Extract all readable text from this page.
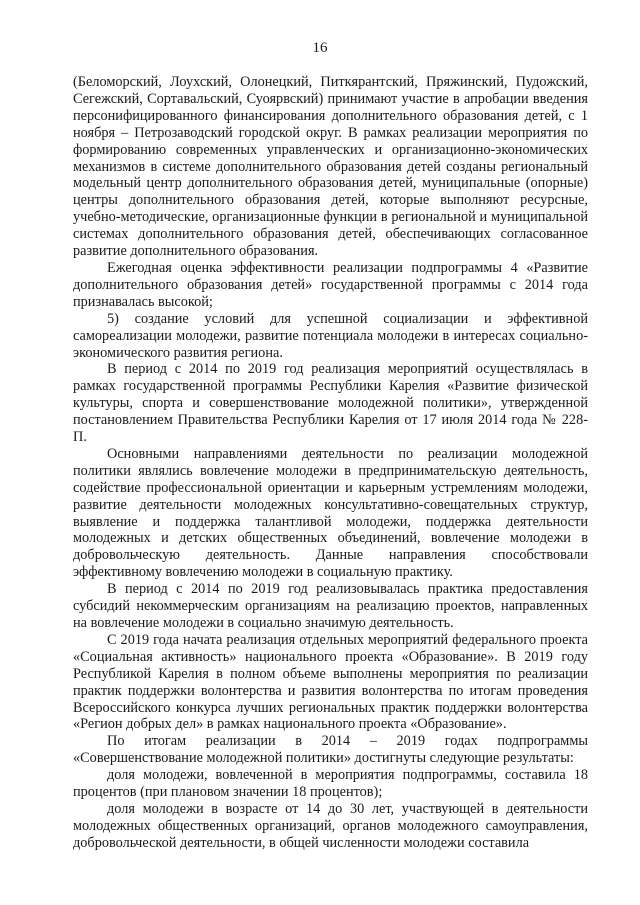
16

(Беломорский, Лоухский, Олонецкий, Питкярантский, Пряжинский, Пудожский, Сегежский, Сортавальский, Суоярвский) принимают участие в апробации введения персонифицированного финансирования дополнительного образования детей, с 1 ноября – Петрозаводский городской округ. В рамках реализации мероприятия по формированию современных управленческих и организационно-экономических механизмов в системе дополнительного образования детей созданы региональный модельный центр дополнительного образования детей, муниципальные (опорные) центры дополнительного образования детей, которые выполняют ресурсные, учебно-методические, организационные функции в региональной и муниципальной системах дополнительного образования детей, обеспечивающих согласованное развитие дополнительного образования.

Ежегодная оценка эффективности реализации подпрограммы 4 «Развитие дополнительного образования детей» государственной программы с 2014 года признавалась высокой;

5) создание условий для успешной социализации и эффективной самореализации молодежи, развитие потенциала молодежи в интересах социально-экономического развития региона.

В период с 2014 по 2019 год реализация мероприятий осуществлялась в рамках государственной программы Республики Карелия «Развитие физической культуры, спорта и совершенствование молодежной политики», утвержденной постановлением Правительства Республики Карелия от 17 июля 2014 года № 228-П.

Основными направлениями деятельности по реализации молодежной политики являлись вовлечение молодежи в предпринимательскую деятельность, содействие профессиональной ориентации и карьерным устремлениям молодежи, развитие деятельности молодежных консультативно-совещательных структур, выявление и поддержка талантливой молодежи, поддержка деятельности молодежных и детских общественных объединений, вовлечение молодежи в добровольческую деятельность. Данные направления способствовали эффективному вовлечению молодежи в социальную практику.

В период с 2014 по 2019 год реализовывалась практика предоставления субсидий некоммерческим организациям на реализацию проектов, направленных на вовлечение молодежи в социально значимую деятельность.

С 2019 года начата реализация отдельных мероприятий федерального проекта «Социальная активность» национального проекта «Образование». В 2019 году Республикой Карелия в полном объеме выполнены мероприятия по реализации практик поддержки волонтерства и развития волонтерства по итогам проведения Всероссийского конкурса лучших региональных практик поддержки волонтерства «Регион добрых дел» в рамках национального проекта «Образование».

По итогам реализации в 2014 – 2019 годах подпрограммы «Совершенствование молодежной политики» достигнуты следующие результаты:

доля молодежи, вовлеченной в мероприятия подпрограммы, составила 18 процентов (при плановом значении 18 процентов);

доля молодежи в возрасте от 14 до 30 лет, участвующей в деятельности молодежных общественных организаций, органов молодежного самоуправления, добровольческой деятельности, в общей численности молодежи составила
